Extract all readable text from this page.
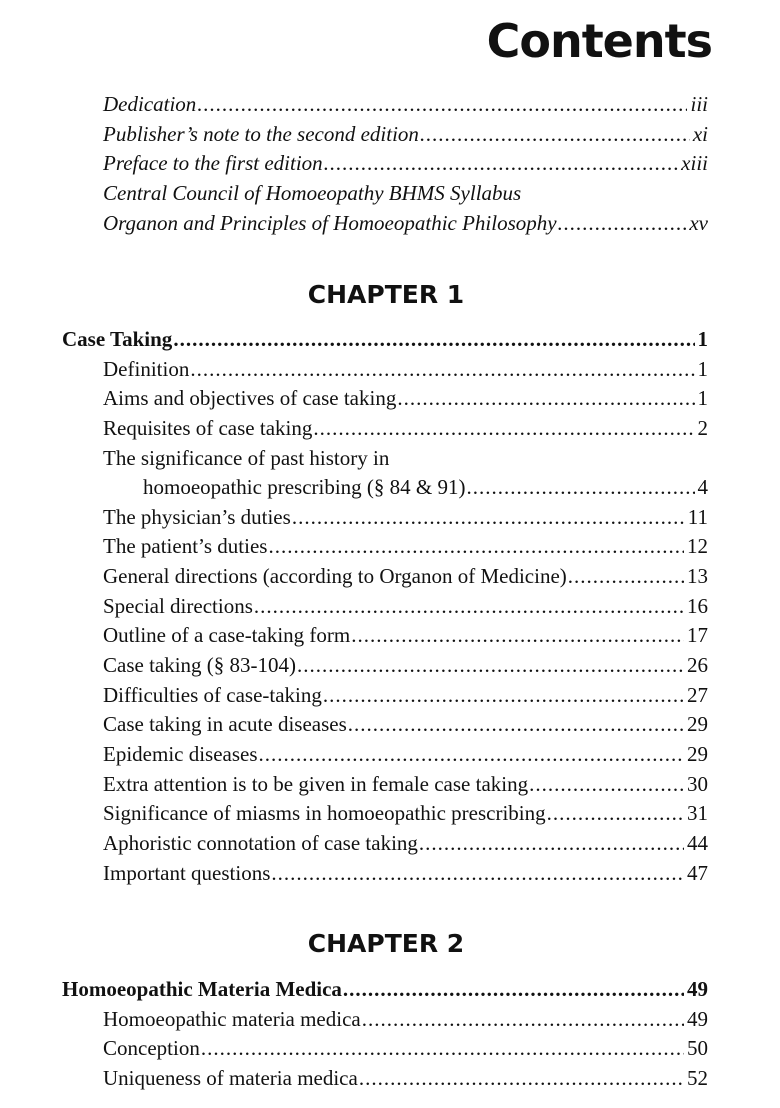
Contents
Dedication .....	iii
Publisher’s note to the second edition .....	xi
Preface to the first edition .....	xiii
Central Council of Homoeopathy BHMS Syllabus
Organon and Principles of Homoeopathic Philosophy .....	xv
CHAPTER 1
Case Taking .....	1
Definition .....	1
Aims and objectives of case taking .....	1
Requisites of case taking .....	2
The significance of past history in
homoeopathic prescribing (§ 84 & 91) .....	4
The physician’s duties .....	11
The patient’s duties .....	12
General directions (according to Organon of Medicine) .....	13
Special directions .....	16
Outline of a case-taking form .....	17
Case taking (§ 83-104) .....	26
Difficulties of case-taking .....	27
Case taking in acute diseases .....	29
Epidemic diseases .....	29
Extra attention is to be given in female case taking .....	30
Significance of miasms in homoeopathic prescribing .....	31
Aphoristic connotation of case taking .....	44
Important questions .....	47
CHAPTER 2
Homoeopathic Materia Medica .....	49
Homoeopathic materia medica .....	49
Conception .....	50
Uniqueness of materia medica .....	52
